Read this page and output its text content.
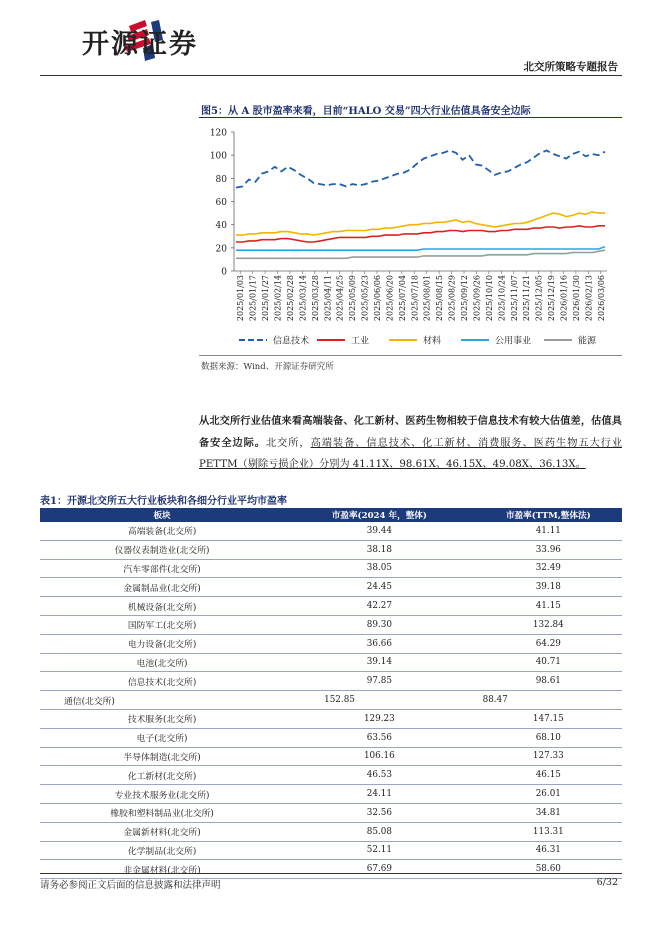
开源证券
北交所策略专题报告
图5：从 A 股市盈率来看，目前“HALO 交易”四大行业估值具备安全边际
0
20
40
60
80
100
120
2025/01/03 2025/01/17 2025/01/27 2025/02/14 2025/02/28 2025/03/14 2025/03/28 2025/04/11 2025/04/25 2025/05/09 2025/05/23 2025/06/06 2025/06/20 2025/07/04 2025/07/18 2025/08/01 2025/08/15 2025/08/29 2025/09/12 2025/09/26 2025/10/10 2025/10/24 2025/11/07 2025/11/21 2025/12/05 2025/12/19 2026/01/16 2026/01/30 2026/02/13 2026/03/06
信息技术	工业	材料	公用事业	能源
数据来源：Wind、开源证券研究所
从北交所行业估值来看高端装备、化工新材、医药生物相较于信息技术有较大估值差，估值具备安全边际。北交所，高端装备、信息技术、化工新材、消费服务、医药生物五大行业 PETTM（剔除亏损企业）分别为 41.11X、98.61X、46.15X、49.08X、36.13X。
表1：开源北交所五大行业板块和各细分行业平均市盈率
板块	市盈率(2024 年，整体)	市盈率(TTM,整体法)
高端装备(北交所)	39.44	41.11
仪器仪表制造业(北交所)	38.18	33.96
汽车零部件(北交所)	38.05	32.49
金属制品业(北交所)	24.45	39.18
机械设备(北交所)	42.27	41.15
国防军工(北交所)	89.30	132.84
电力设备(北交所)	36.66	64.29
电池(北交所)	39.14	40.71
信息技术(北交所)	97.85	98.61
通信(北交所)	152.85	88.47
技术服务(北交所)	129.23	147.15
电子(北交所)	63.56	68.10
半导体制造(北交所)	106.16	127.33
化工新材(北交所)	46.53	46.15
专业技术服务业(北交所)	24.11	26.01
橡胶和塑料制品业(北交所)	32.56	34.81
金属新材料(北交所)	85.08	113.31
化学制品(北交所)	52.11	46.31
非金属材料(北交所)	67.69	58.60
请务必参阅正文后面的信息披露和法律声明	6/32
